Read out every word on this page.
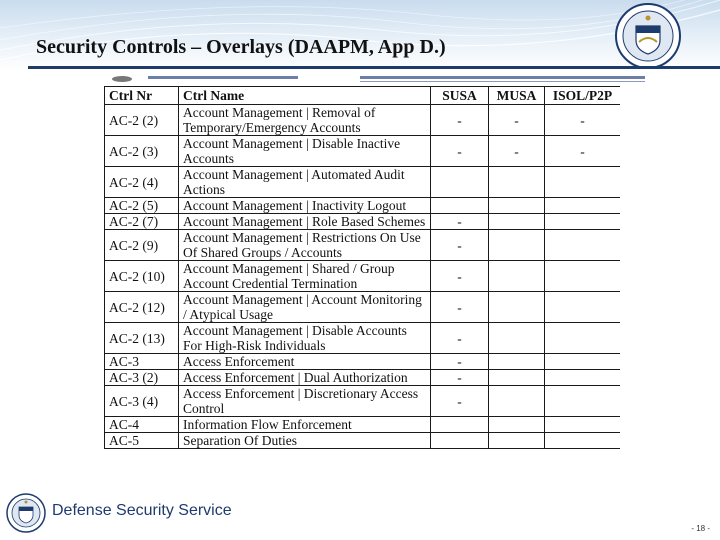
Security Controls – Overlays (DAAPM, App D.)
Ctrl Nr	Ctrl Name	SUSA	MUSA	ISOL/P2P
AC-2 (2)	Account Management | Removal of Temporary/Emergency Accounts	-	-	-
AC-2 (3)	Account Management | Disable Inactive Accounts	-	-	-
AC-2 (4)	Account Management | Automated Audit Actions			
AC-2 (5)	Account Management | Inactivity Logout			
AC-2 (7)	Account Management | Role Based Schemes	-		
AC-2 (9)	Account Management | Restrictions On Use Of Shared Groups / Accounts	-		
AC-2 (10)	Account Management | Shared / Group Account Credential Termination	-		
AC-2 (12)	Account Management | Account Monitoring / Atypical Usage	-		
AC-2 (13)	Account Management | Disable Accounts For High-Risk Individuals	-		
AC-3	Access Enforcement	-		
AC-3 (2)	Access Enforcement | Dual Authorization	-		
AC-3 (4)	Access Enforcement | Discretionary Access Control	-		
AC-4	Information Flow Enforcement			
AC-5	Separation Of Duties			
Defense Security Service
- 18 -
